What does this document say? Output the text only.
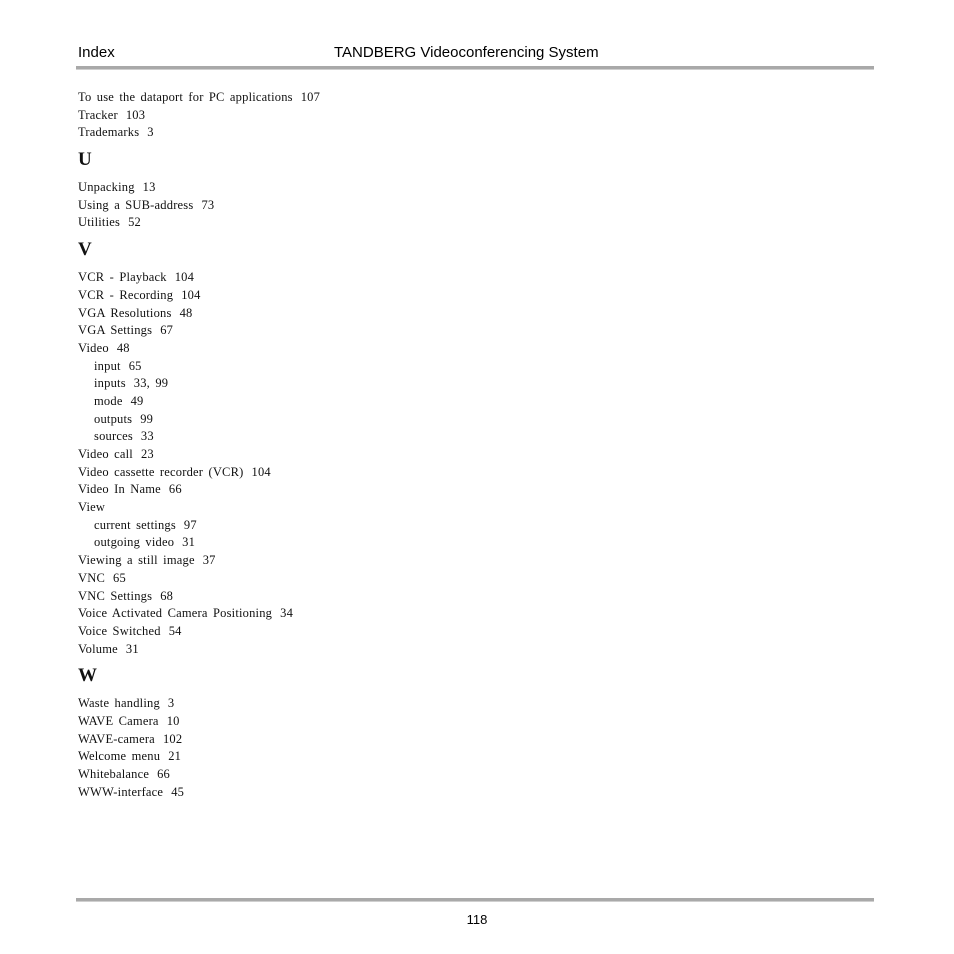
Index	TANDBERG Videoconferencing System
To use the dataport for PC applications 107
Tracker 103
Trademarks 3
U
Unpacking 13
Using a SUB-address 73
Utilities 52
V
VCR - Playback 104
VCR - Recording 104
VGA Resolutions 48
VGA Settings 67
Video 48
input 65
inputs 33, 99
mode 49
outputs 99
sources 33
Video call 23
Video cassette recorder (VCR) 104
Video In Name 66
View
current settings 97
outgoing video 31
Viewing a still image 37
VNC 65
VNC Settings 68
Voice Activated Camera Positioning 34
Voice Switched 54
Volume 31
W
Waste handling 3
WAVE Camera 10
WAVE-camera 102
Welcome menu 21
Whitebalance 66
WWW-interface 45
118
